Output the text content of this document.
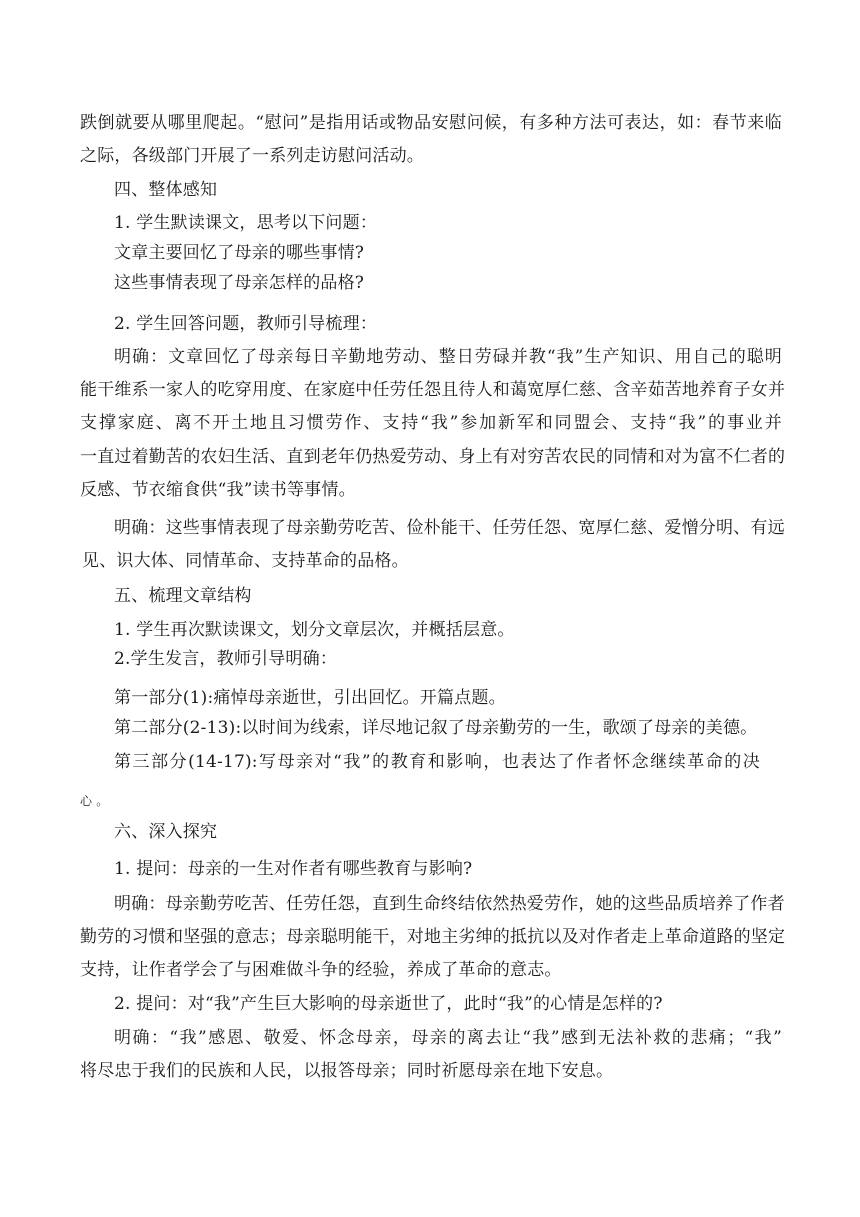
跌倒就要从哪里爬起。“慰问”是指用话或物品安慰问候，有多种方法可表达，如：春节来临
之际，各级部门开展了一系列走访慰问活动。
四、整体感知
1. 学生默读课文，思考以下问题：
文章主要回忆了母亲的哪些事情?
这些事情表现了母亲怎样的品格?
2. 学生回答问题，教师引导梳理：
明确：文章回忆了母亲每日辛勤地劳动、整日劳碌并教“我”生产知识、用自己的聪明
能干维系一家人的吃穿用度、在家庭中任劳任怨且待人和蔼宽厚仁慈、含辛茹苦地养育子女并
支撑家庭、离不开土地且习惯劳作、支持“我”参加新军和同盟会、支持“我”的事业并
一直过着勤苦的农妇生活、直到老年仍热爱劳动、身上有对穷苦农民的同情和对为富不仁者的
反感、节衣缩食供“我”读书等事情。
明确：这些事情表现了母亲勤劳吃苦、俭朴能干、任劳任怨、宽厚仁慈、爱憎分明、有远
见、识大体、同情革命、支持革命的品格。
五、梳理文章结构
1. 学生再次默读课文，划分文章层次，并概括层意。
2.学生发言，教师引导明确：
第一部分(1):痛悼母亲逝世，引出回忆。开篇点题。
第二部分(2-13):以时间为线索，详尽地记叙了母亲勤劳的一生，歌颂了母亲的美德。
第三部分(14-17):写母亲对“我”的教育和影响，也表达了作者怀念继续革命的决
心 。
六、深入探究
1. 提问：母亲的一生对作者有哪些教育与影响?
明确：母亲勤劳吃苦、任劳任怨，直到生命终结依然热爱劳作，她的这些品质培养了作者
勤劳的习惯和坚强的意志；母亲聪明能干，对地主劣绅的抵抗以及对作者走上革命道路的坚定
支持，让作者学会了与困难做斗争的经验，养成了革命的意志。
2. 提问：对“我”产生巨大影响的母亲逝世了，此时“我”的心情是怎样的?
明确：“我”感恩、敬爱、怀念母亲，母亲的离去让“我”感到无法补救的悲痛；“我”
将尽忠于我们的民族和人民，以报答母亲；同时祈愿母亲在地下安息。
